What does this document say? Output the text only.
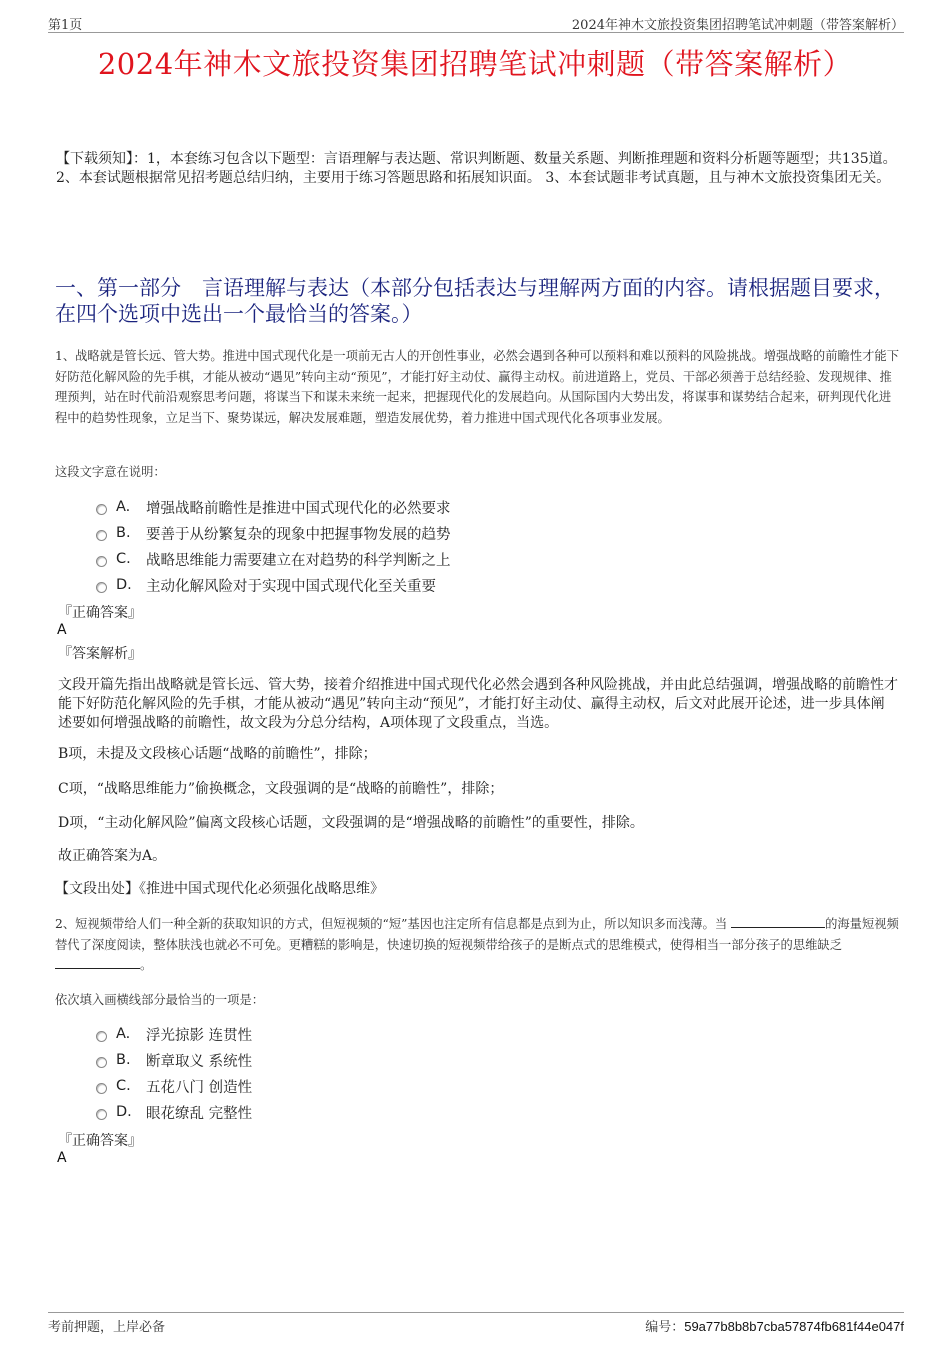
第1页	2024年神木文旅投资集团招聘笔试冲刺题（带答案解析）
2024年神木文旅投资集团招聘笔试冲刺题（带答案解析）
【下载须知】：1，本套练习包含以下题型：言语理解与表达题、常识判断题、数量关系题、判断推理题和资料分析题等题型；共135道。 2、本套试题根据常见招考题总结归纳，主要用于练习答题思路和拓展知识面。 3、本套试题非考试真题，且与神木文旅投资集团无关。
一、第一部分　言语理解与表达（本部分包括表达与理解两方面的内容。请根据题目要求，在四个选项中选出一个最恰当的答案。）
1、战略就是管长远、管大势。推进中国式现代化是一项前无古人的开创性事业，必然会遇到各种可以预料和难以预料的风险挑战。增强战略的前瞻性才能下好防范化解风险的先手棋，才能从被动“遇见”转向主动“预见”，才能打好主动仗、赢得主动权。前进道路上，党员、干部必须善于总结经验、发现规律、推理预判，站在时代前沿观察思考问题，将谋当下和谋未来统一起来，把握现代化的发展趋向。从国际国内大势出发，将谋事和谋势结合起来，研判现代化进程中的趋势性现象，立足当下、聚势谋远，解决发展难题，塑造发展优势，着力推进中国式现代化各项事业发展。
这段文字意在说明：
A.	增强战略前瞻性是推进中国式现代化的必然要求
B.	要善于从纷繁复杂的现象中把握事物发展的趋势
C.	战略思维能力需要建立在对趋势的科学判断之上
D. 主动化解风险对于实现中国式现代化至关重要
『正确答案』
A
『答案解析』
文段开篇先指出战略就是管长远、管大势，接着介绍推进中国式现代化必然会遇到各种风险挑战，并由此总结强调，增强战略的前瞻性才能下好防范化解风险的先手棋，才能从被动“遇见”转向主动“预见”，才能打好主动仗、赢得主动权，后文对此展开论述，进一步具体阐述要如何增强战略的前瞻性，故文段为分总分结构，A项体现了文段重点，当选。
B项，未提及文段核心话题“战略的前瞻性”，排除；
C项，“战略思维能力”偷换概念，文段强调的是“战略的前瞻性”，排除；
D项，“主动化解风险”偏离文段核心话题，文段强调的是“增强战略的前瞻性”的重要性，排除。
故正确答案为A。
【文段出处】《推进中国式现代化必须强化战略思维》
2、短视频带给人们一种全新的获取知识的方式，但短视频的“短”基因也注定所有信息都是点到为止，所以知识多而浅薄。当	的海量短视频替代了深度阅读，整体肤浅也就必不可免。更糟糕的影响是，快速切换的短视频带给孩子的是断点式的思维模式，使得相当一部分孩子的思维缺乏 。
依次填入画横线部分最恰当的一项是：
A.	浮光掠影 连贯性
B.	断章取义 系统性
C.	五花八门 创造性
D. 眼花缭乱 完整性
『正确答案』
A
考前押题，上岸必备	编号：59a77b8b8b7cba57874fb681f44e047f
